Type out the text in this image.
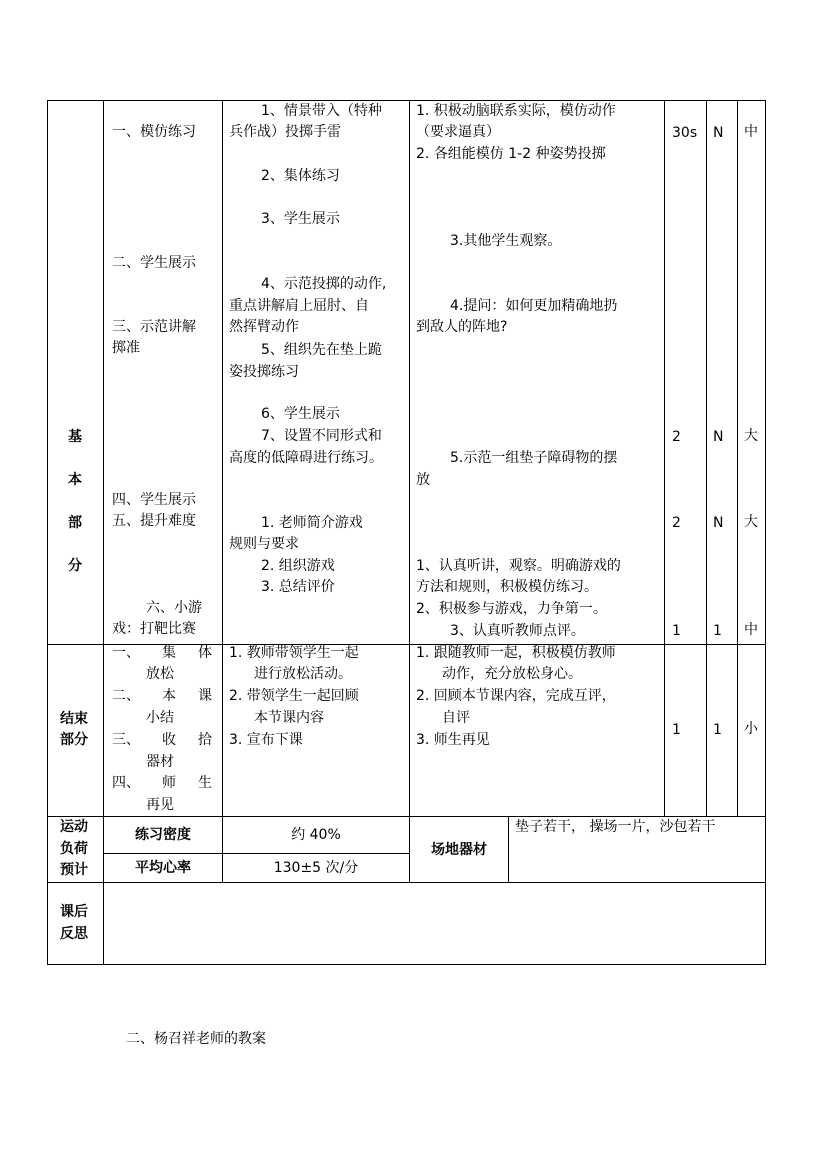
基
本
部
分
一、模仿练习
二、学生展示
三、示范讲解
掷准
四、学生展示
五、提升难度
六、小游
戏：打靶比赛
1、情景带入（特种
兵作战）投掷手雷
2、集体练习
3、学生展示
4、示范投掷的动作,
重点讲解肩上屈肘、自
然挥臂动作
5、组织先在垫上跪
姿投掷练习
6、学生展示
7、设置不同形式和
高度的低障碍进行练习。
1. 老师简介游戏
规则与要求
2. 组织游戏
3. 总结评价
1. 积极动脑联系实际，模仿动作
（要求逼真）
2. 各组能模仿 1-2 种姿势投掷
3.其他学生观察。
4.提问：如何更加精确地扔
到敌人的阵地?
5.示范一组垫子障碍物的摆
放
1、认真听讲，观察。明确游戏的
方法和规则，积极模仿练习。
2、积极参与游戏，力争第一。
3、认真听教师点评。
30s N 中
2 N 大
2 N 大
1 1 中
结束
部分
一、 集 体
放松
二、 本 课
小结
三、 收 拾
器材
四、 师 生
再见
1. 教师带领学生一起
进行放松活动。
2. 带领学生一起回顾
本节课内容
3. 宣布下课
1. 跟随教师一起，积极模仿教师
动作，充分放松身心。
2. 回顾本节课内容，完成互评，
自评
3. 师生再见
1 1 小
运动
负荷
预计
练习密度	约 40%
平均心率	130±5 次/分
场地器材
垫子若干， 操场一片，沙包若干
课后
反思
二、杨召祥老师的教案
